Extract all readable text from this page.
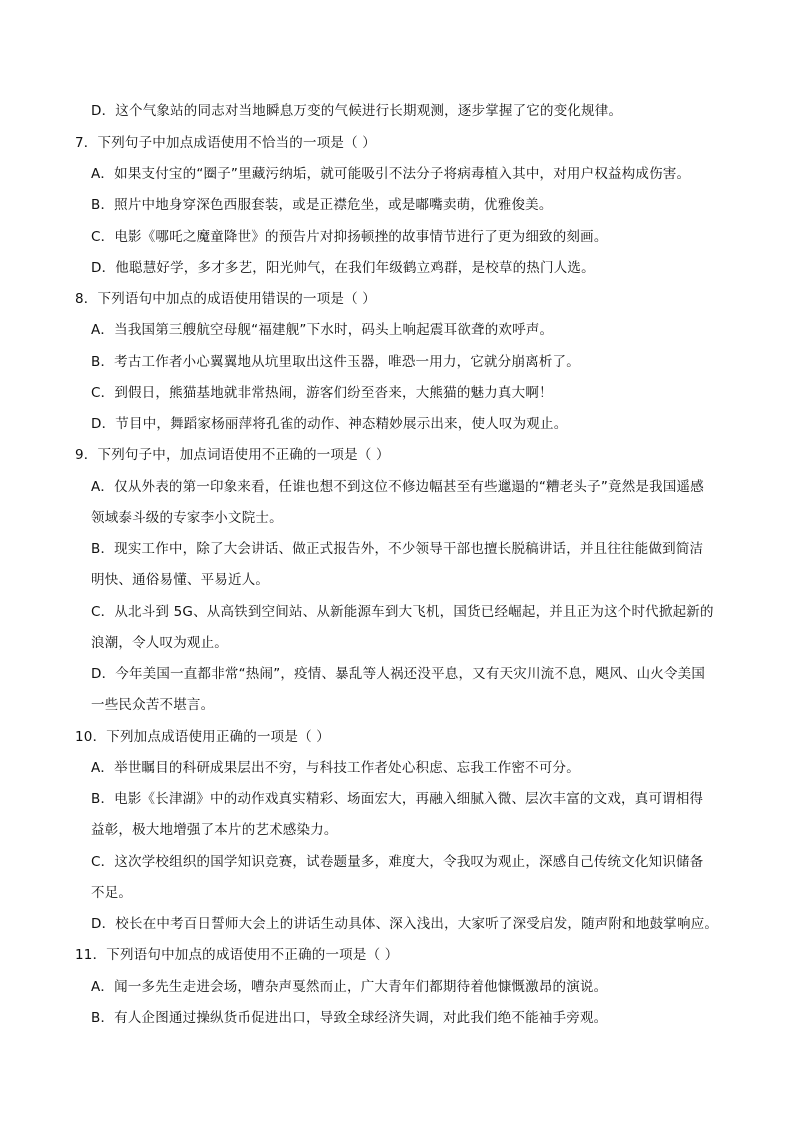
D．这个气象站的同志对当地瞬息万变的气候进行长期观测，逐步掌握了它的变化规律。
7．下列句子中加点成语使用不恰当的一项是（ ）
A．如果支付宝的“圈子”里藏污纳垢，就可能吸引不法分子将病毒植入其中，对用户权益构成伤害。
B．照片中地身穿深色西服套装，或是正襟危坐，或是嘟嘴卖萌，优雅俊美。
C．电影《哪吒之魔童降世》的预告片对抑扬顿挫的故事情节进行了更为细致的刻画。
D．他聪慧好学，多才多艺，阳光帅气，在我们年级鹤立鸡群，是校草的热门人选。
8．下列语句中加点的成语使用错误的一项是（ ）
A．当我国第三艘航空母舰“福建舰”下水时，码头上响起震耳欲聋的欢呼声。
B．考古工作者小心翼翼地从坑里取出这件玉器，唯恐一用力，它就分崩离析了。
C．到假日，熊猫基地就非常热闹，游客们纷至沓来，大熊猫的魅力真大啊！
D．节目中，舞蹈家杨丽萍将孔雀的动作、神态精妙展示出来，使人叹为观止。
9．下列句子中，加点词语使用不正确的一项是（ ）
A．仅从外表的第一印象来看，任谁也想不到这位不修边幅甚至有些邋遢的“糟老头子”竟然是我国遥感
领域泰斗级的专家李小文院士。
B．现实工作中，除了大会讲话、做正式报告外，不少领导干部也擅长脱稿讲话，并且往往能做到简洁
明快、通俗易懂、平易近人。
C．从北斗到 5G、从高铁到空间站、从新能源车到大飞机，国货已经崛起，并且正为这个时代掀起新的
浪潮，令人叹为观止。
D．今年美国一直都非常“热闹”，疫情、暴乱等人祸还没平息，又有天灾川流不息，飓风、山火令美国
一些民众苦不堪言。
10．下列加点成语使用正确的一项是（ ）
A．举世瞩目的科研成果层出不穷，与科技工作者处心积虑、忘我工作密不可分。
B．电影《长津湖》中的动作戏真实精彩、场面宏大，再融入细腻入微、层次丰富的文戏，真可谓相得
益彰，极大地增强了本片的艺术感染力。
C．这次学校组织的国学知识竞赛，试卷题量多，难度大，令我叹为观止，深感自己传统文化知识储备
不足。
D．校长在中考百日誓师大会上的讲话生动具体、深入浅出，大家听了深受启发，随声附和地鼓掌响应。
11．下列语句中加点的成语使用不正确的一项是（ ）
A．闻一多先生走进会场，嘈杂声戛然而止，广大青年们都期待着他慷慨激昂的演说。
B．有人企图通过操纵货币促进出口，导致全球经济失调，对此我们绝不能袖手旁观。
